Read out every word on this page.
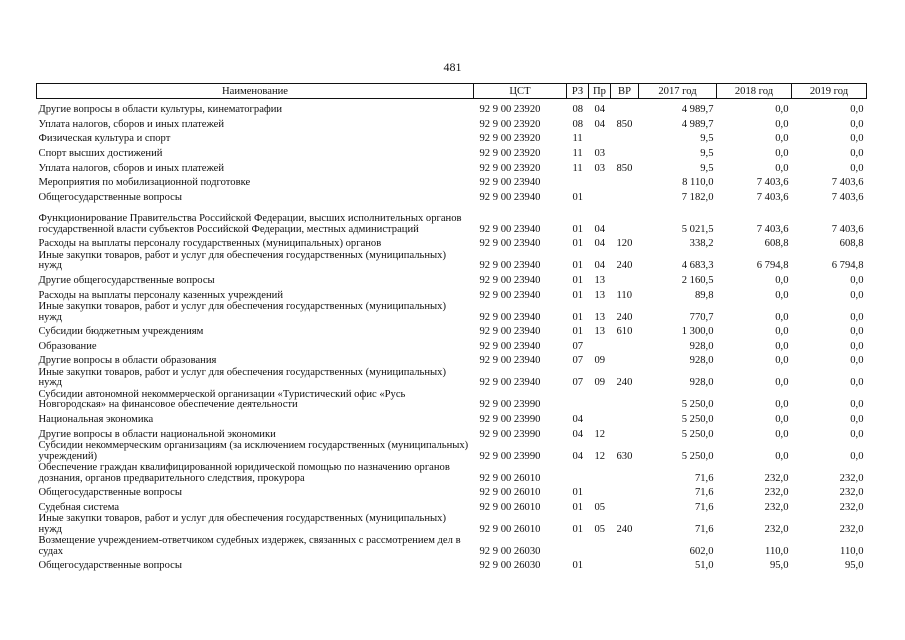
481
Наименование	ЦСТ	РЗ	Пр	ВР	2017 год	2018 год	2019 год
Другие вопросы в области культуры, кинематографии	92 9 00 23920	08	04		4 989,7	0,0	0,0
Уплата налогов, сборов и иных платежей	92 9 00 23920	08	04	850	4 989,7	0,0	0,0
Физическая культура и спорт	92 9 00 23920	11			9,5	0,0	0,0
Спорт высших достижений	92 9 00 23920	11	03		9,5	0,0	0,0
Уплата налогов, сборов и иных платежей	92 9 00 23920	11	03	850	9,5	0,0	0,0
Мероприятия по мобилизационной подготовке	92 9 00 23940				8 110,0	7 403,6	7 403,6
Общегосударственные вопросы	92 9 00 23940	01			7 182,0	7 403,6	7 403,6
Функционирование Правительства Российской Федерации, высших исполнительных органов государственной власти субъектов Российской Федерации, местных администраций	92 9 00 23940	01	04		5 021,5	7 403,6	7 403,6
Расходы на выплаты персоналу государственных (муниципальных) органов	92 9 00 23940	01	04	120	338,2	608,8	608,8
Иные закупки товаров, работ и услуг для обеспечения государственных (муниципальных) нужд	92 9 00 23940	01	04	240	4 683,3	6 794,8	6 794,8
Другие общегосударственные вопросы	92 9 00 23940	01	13		2 160,5	0,0	0,0
Расходы на выплаты персоналу казенных учреждений	92 9 00 23940	01	13	110	89,8	0,0	0,0
Иные закупки товаров, работ и услуг для обеспечения государственных (муниципальных) нужд	92 9 00 23940	01	13	240	770,7	0,0	0,0
Субсидии бюджетным учреждениям	92 9 00 23940	01	13	610	1 300,0	0,0	0,0
Образование	92 9 00 23940	07			928,0	0,0	0,0
Другие вопросы в области образования	92 9 00 23940	07	09		928,0	0,0	0,0
Иные закупки товаров, работ и услуг для обеспечения государственных (муниципальных) нужд	92 9 00 23940	07	09	240	928,0	0,0	0,0
Субсидии автономной некоммерческой организации «Туристический офис «Русь Новгородская» на финансовое обеспечение деятельности	92 9 00 23990				5 250,0	0,0	0,0
Национальная экономика	92 9 00 23990	04			5 250,0	0,0	0,0
Другие вопросы в области национальной экономики	92 9 00 23990	04	12		5 250,0	0,0	0,0
Субсидии некоммерческим организациям (за исключением государственных (муниципальных) учреждений)	92 9 00 23990	04	12	630	5 250,0	0,0	0,0
Обеспечение граждан квалифицированной юридической помощью по назначению органов дознания, органов предварительного следствия, прокурора	92 9 00 26010				71,6	232,0	232,0
Общегосударственные вопросы	92 9 00 26010	01			71,6	232,0	232,0
Судебная система	92 9 00 26010	01	05		71,6	232,0	232,0
Иные закупки товаров, работ и услуг для обеспечения государственных (муниципальных) нужд	92 9 00 26010	01	05	240	71,6	232,0	232,0
Возмещение учреждением-ответчиком судебных издержек, связанных с рассмотрением дел в судах	92 9 00 26030				602,0	110,0	110,0
Общегосударственные вопросы	92 9 00 26030	01			51,0	95,0	95,0
